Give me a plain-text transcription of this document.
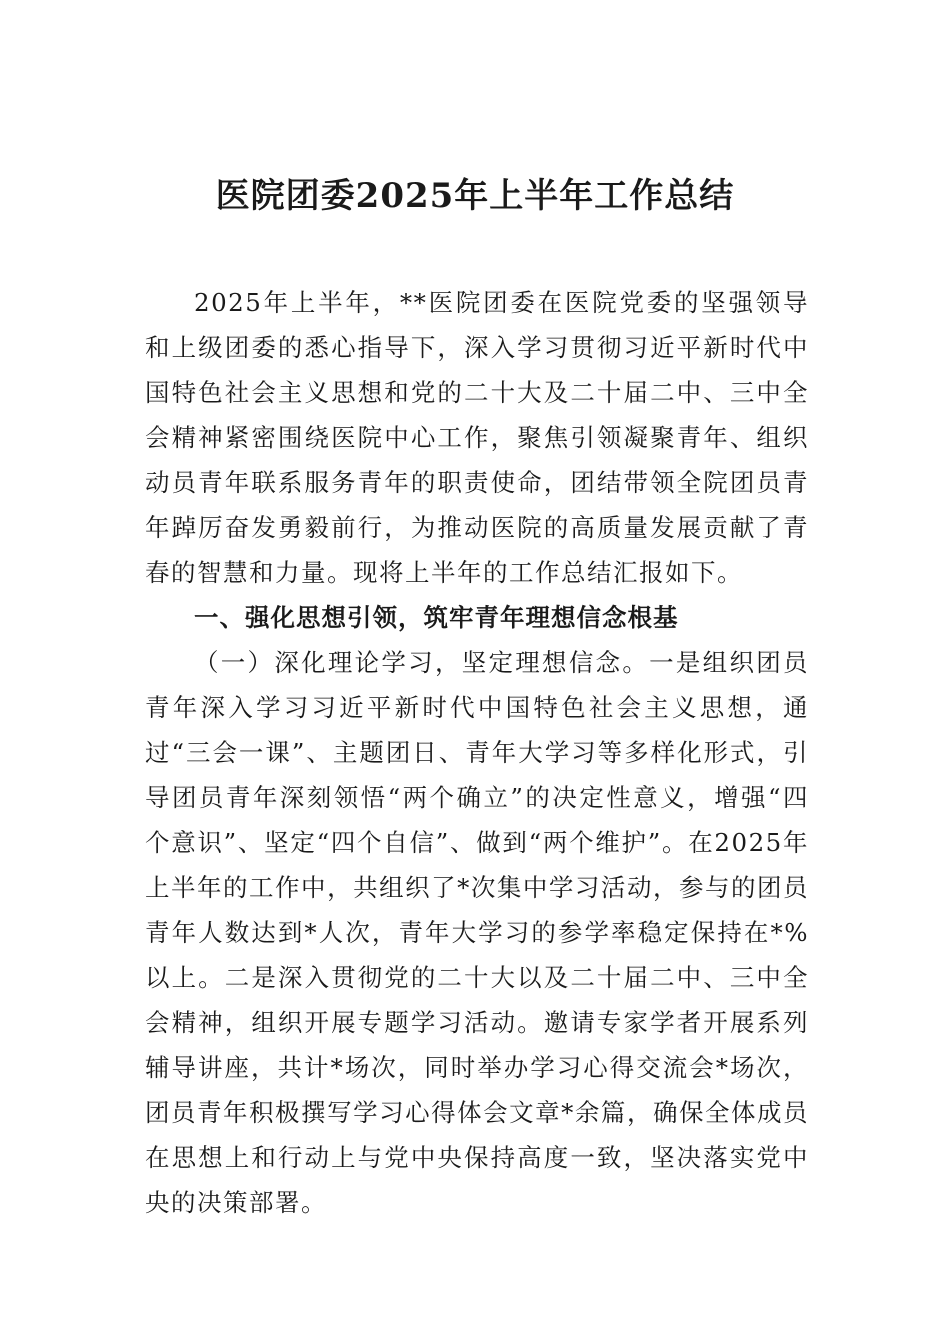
医院团委2025年上半年工作总结

2025年上半年，**医院团委在医院党委的坚强领导和上级团委的悉心指导下，深入学习贯彻习近平新时代中国特色社会主义思想和党的二十大及二十届二中、三中全会精神紧密围绕医院中心工作，聚焦引领凝聚青年、组织动员青年联系服务青年的职责使命，团结带领全院团员青年踔厉奋发勇毅前行，为推动医院的高质量发展贡献了青春的智慧和力量。现将上半年的工作总结汇报如下。

一、强化思想引领，筑牢青年理想信念根基

（一）深化理论学习，坚定理想信念。一是组织团员青年深入学习习近平新时代中国特色社会主义思想，通过“三会一课”、主题团日、青年大学习等多样化形式，引导团员青年深刻领悟“两个确立”的决定性意义，增强“四个意识”、坚定“四个自信”、做到“两个维护”。在2025年上半年的工作中，共组织了*次集中学习活动，参与的团员青年人数达到*人次，青年大学习的参学率稳定保持在*%以上。二是深入贯彻党的二十大以及二十届二中、三中全会精神，组织开展专题学习活动。邀请专家学者开展系列辅导讲座，共计*场次，同时举办学习心得交流会*场次，团员青年积极撰写学习心得体会文章*余篇，确保全体成员在思想上和行动上与党中央保持高度一致，坚决落实党中央的决策部署。
